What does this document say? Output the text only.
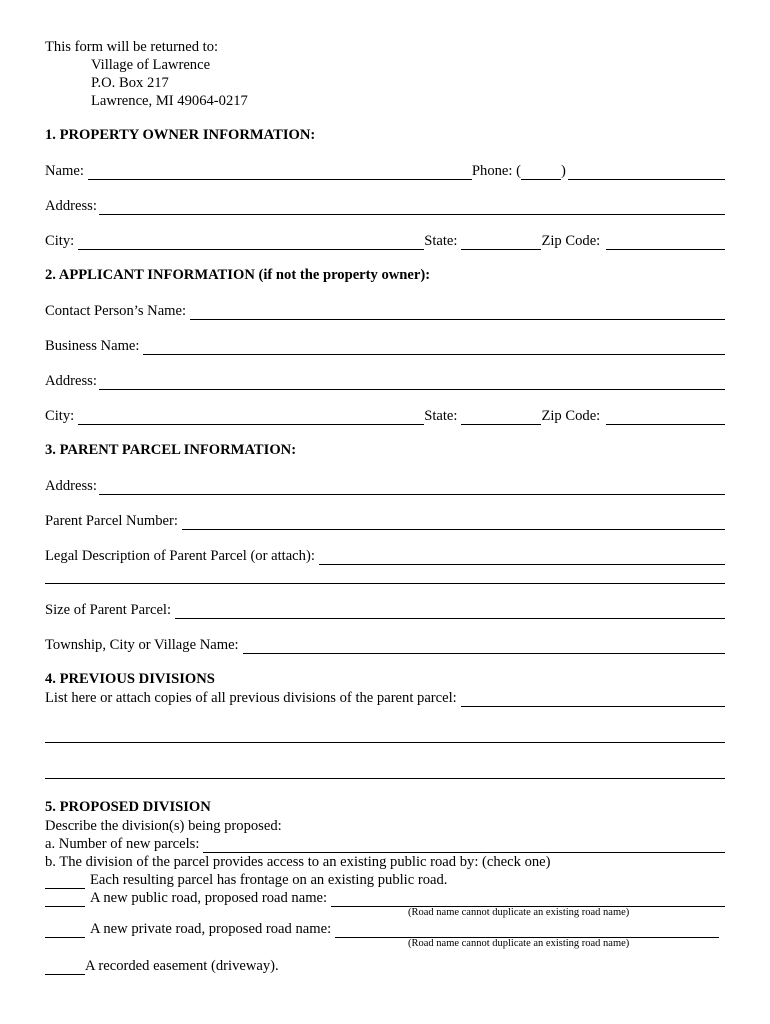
This form will be returned to:
Village of Lawrence
P.O. Box 217
Lawrence, MI 49064-0217
1. PROPERTY OWNER INFORMATION:
Name:	Phone: (	)
Address:
City:	State:	Zip Code:
2. APPLICANT INFORMATION (if not the property owner):
Contact Person’s Name:
Business Name:
Address:
City:	State:	Zip Code:
3. PARENT PARCEL INFORMATION:
Address:
Parent Parcel Number:
Legal Description of Parent Parcel (or attach):
Size of Parent Parcel:
Township, City or Village Name:
4. PREVIOUS DIVISIONS
List here or attach copies of all previous divisions of the parent parcel:
5. PROPOSED DIVISION
Describe the division(s) being proposed:
a. Number of new parcels:
b. The division of the parcel provides access to an existing public road by: (check one)
Each resulting parcel has frontage on an existing public road.
A new public road, proposed road name:
(Road name cannot duplicate an existing road name)
A new private road, proposed road name:
(Road name cannot duplicate an existing road name)
A recorded easement (driveway).
